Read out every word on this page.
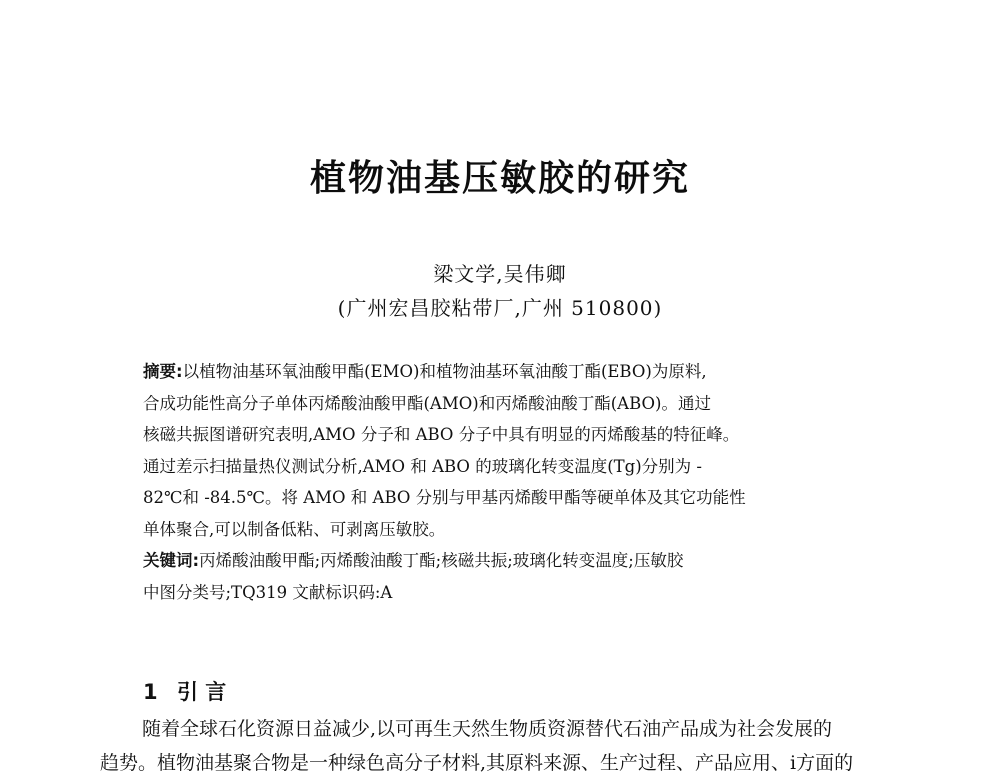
植物油基压敏胶的研究
梁文学,吴伟卿
(广州宏昌胶粘带厂,广州 510800)
摘要:以植物油基环氧油酸甲酯(EMO)和植物油基环氧油酸丁酯(EBO)为原料,
合成功能性高分子单体丙烯酸油酸甲酯(AMO)和丙烯酸油酸丁酯(ABO)。通过
核磁共振图谱研究表明,AMO 分子和 ABO 分子中具有明显的丙烯酸基的特征峰。
通过差示扫描量热仪测试分析,AMO 和 ABO 的玻璃化转变温度(Tg)分别为 -
82℃和 -84.5℃。将 AMO 和 ABO 分别与甲基丙烯酸甲酯等硬单体及其它功能性
单体聚合,可以制备低粘、可剥离压敏胶。
关键词:丙烯酸油酸甲酯;丙烯酸油酸丁酯;核磁共振;玻璃化转变温度;压敏胶
中图分类号;TQ319 文献标识码:A
1 引 言
随着全球石化资源日益减少,以可再生天然生物质资源替代石油产品成为社会发展的
趋势。植物油基聚合物是一种绿色高分子材料,其原料来源、生产过程、产品应用、i方面的
